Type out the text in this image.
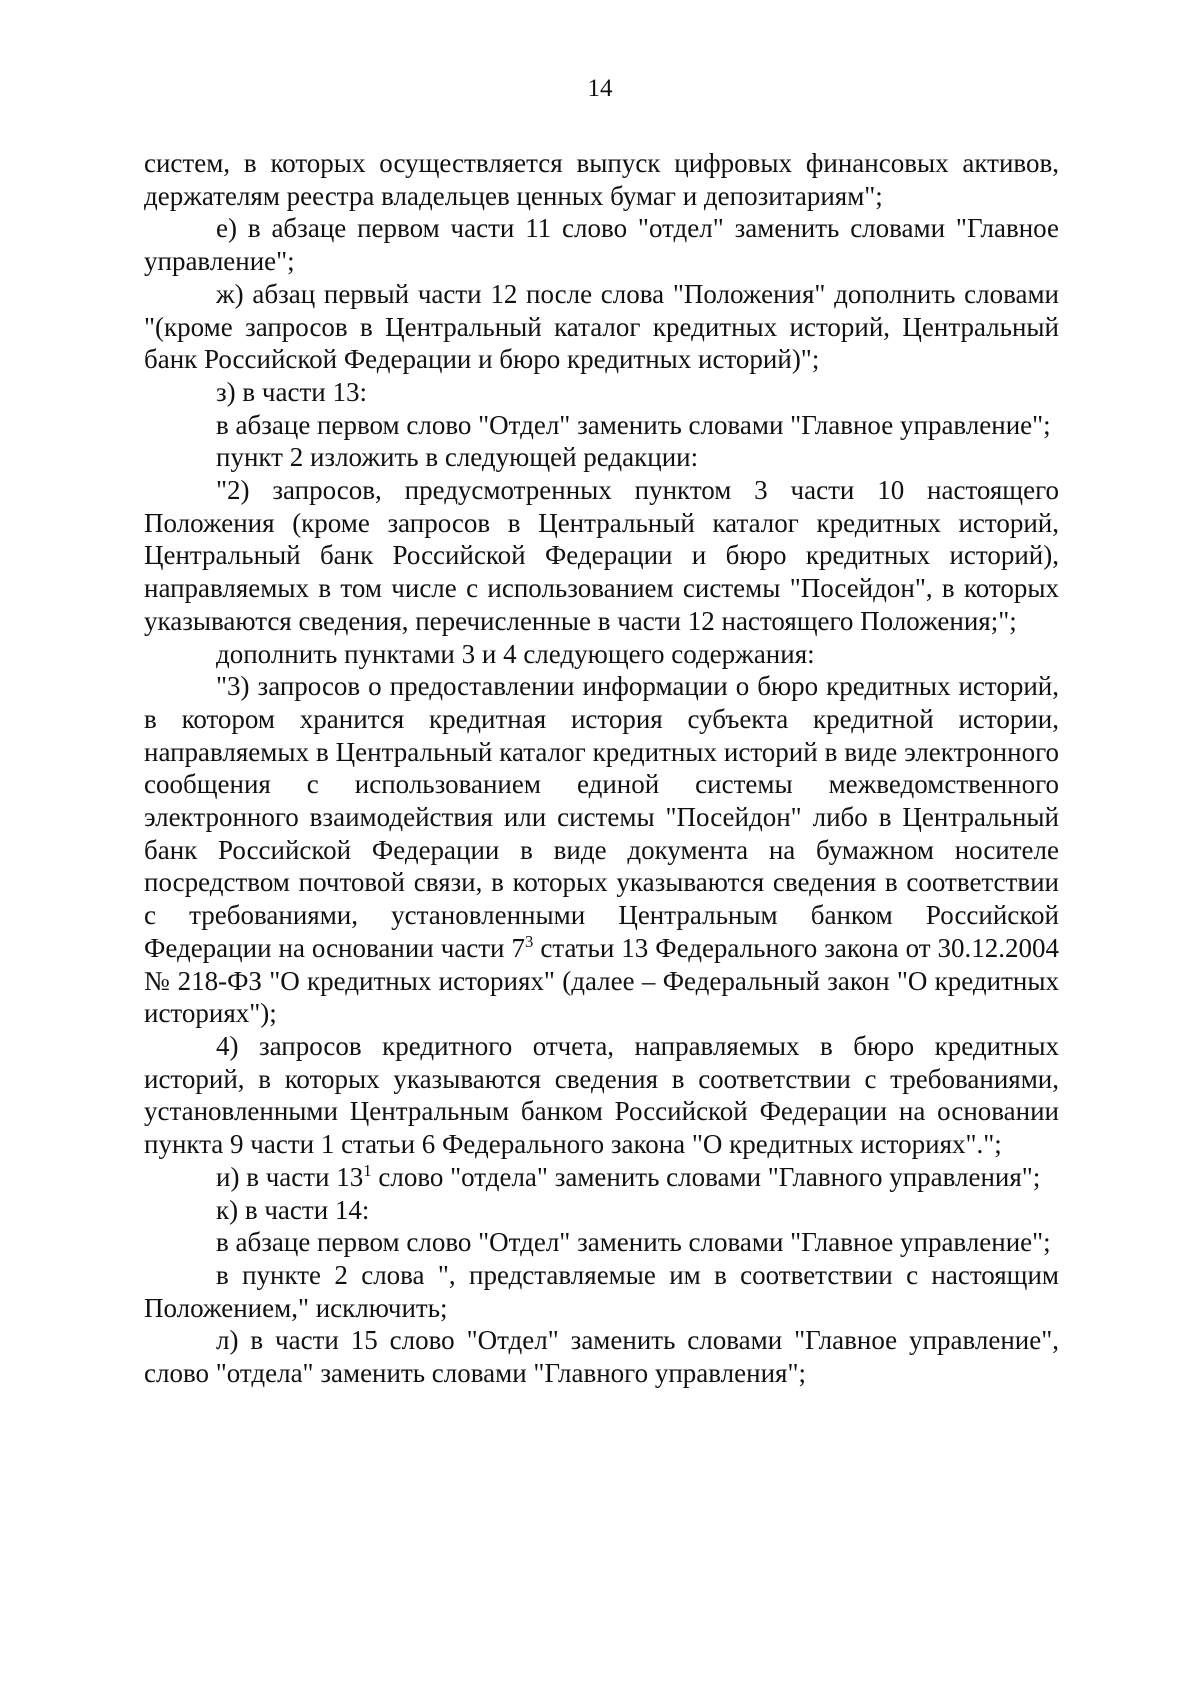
14

систем, в которых осуществляется выпуск цифровых финансовых активов, держателям реестра владельцев ценных бумаг и депозитариям";

е) в абзаце первом части 11 слово "отдел" заменить словами "Главное управление";

ж) абзац первый части 12 после слова "Положения" дополнить словами "(кроме запросов в Центральный каталог кредитных историй, Центральный банк Российской Федерации и бюро кредитных историй)";

з) в части 13:

в абзаце первом слово "Отдел" заменить словами "Главное управление";

пункт 2 изложить в следующей редакции:

"2) запросов, предусмотренных пунктом 3 части 10 настоящего Положения (кроме запросов в Центральный каталог кредитных историй, Центральный банк Российской Федерации и бюро кредитных историй), направляемых в том числе с использованием системы "Посейдон", в которых указываются сведения, перечисленные в части 12 настоящего Положения;";

дополнить пунктами 3 и 4 следующего содержания:

"3) запросов о предоставлении информации о бюро кредитных историй, в котором хранится кредитная история субъекта кредитной истории, направляемых в Центральный каталог кредитных историй в виде электронного сообщения с использованием единой системы межведомственного электронного взаимодействия или системы "Посейдон" либо в Центральный банк Российской Федерации в виде документа на бумажном носителе посредством почтовой связи, в которых указываются сведения в соответствии с требованиями, установленными Центральным банком Российской Федерации на основании части $7^3$ статьи 13 Федерального закона от 30.12.2004 № 218-ФЗ "О кредитных историях" (далее – Федеральный закон "О кредитных историях");

4) запросов кредитного отчета, направляемых в бюро кредитных историй, в которых указываются сведения в соответствии с требованиями, установленными Центральным банком Российской Федерации на основании пункта 9 части 1 статьи 6 Федерального закона "О кредитных историях".";

и) в части $13^1$ слово "отдела" заменить словами "Главного управления";

к) в части 14:

в абзаце первом слово "Отдел" заменить словами "Главное управление";

в пункте 2 слова ", представляемые им в соответствии с настоящим Положением," исключить;

л) в части 15 слово "Отдел" заменить словами "Главное управление", слово "отдела" заменить словами "Главного управления";
